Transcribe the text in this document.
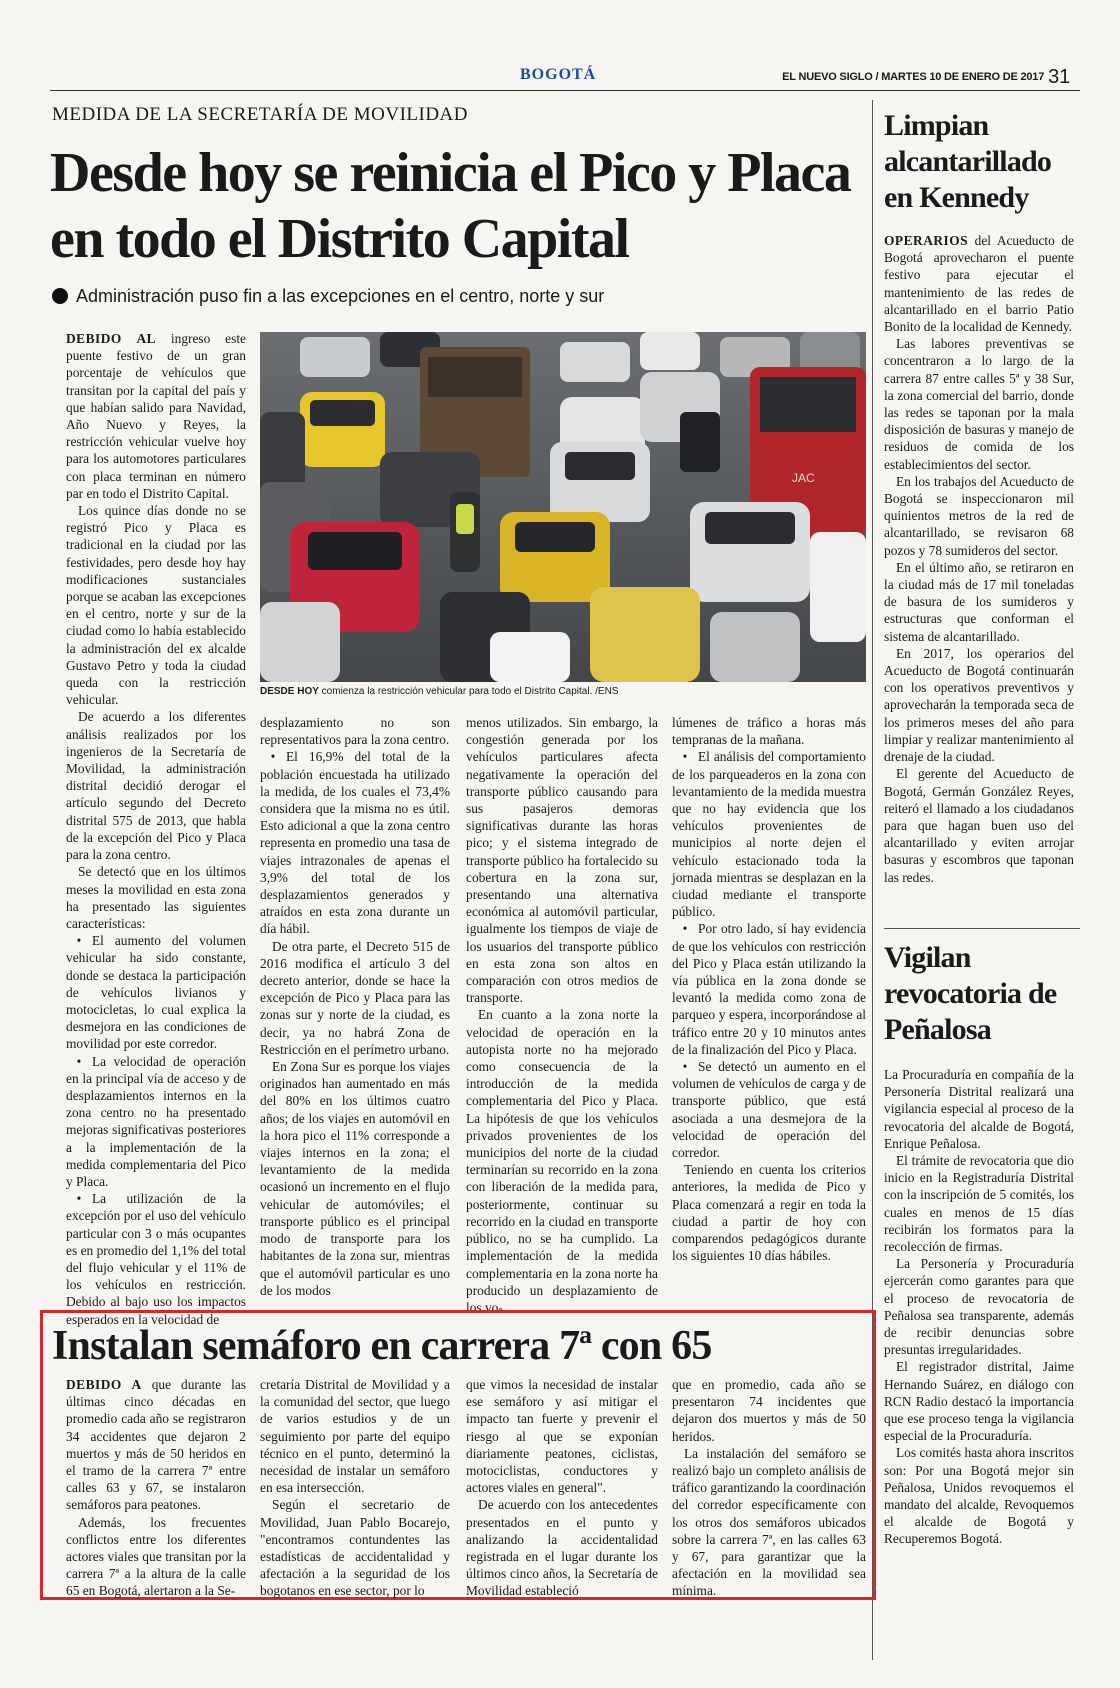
BOGOTÁ	EL NUEVO SIGLO / MARTES 10 DE ENERO DE 2017 31
MEDIDA DE LA SECRETARÍA DE MOVILIDAD
Desde hoy se reinicia el Pico y Placa en todo el Distrito Capital
Administración puso fin a las excepciones en el centro, norte y sur
JAC
DESDE HOY comienza la restricción vehicular para todo el Distrito Capital. /ENS

DEBIDO AL ingreso este puente festivo de un gran porcentaje de vehículos que transitan por la capital del país y que habían salido para Navidad, Año Nuevo y Reyes, la restricción vehicular vuelve hoy para los automotores particulares con placa terminan en número par en todo el Distrito Capital.

Los quince días donde no se registró Pico y Placa es tradicional en la ciudad por las festividades, pero desde hoy hay modificaciones sustanciales porque se acaban las excepciones en el centro, norte y sur de la ciudad como lo había establecido la administración del ex alcalde Gustavo Petro y toda la ciudad queda con la restricción vehicular.

De acuerdo a los diferentes análisis realizados por los ingenieros de la Secretaría de Movilidad, la administración distrital decidió derogar el artículo segundo del Decreto distrital 575 de 2013, que habla de la excepción del Pico y Placa para la zona centro.

Se detectó que en los últimos meses la movilidad en esta zona ha presentado las siguientes características:

• El aumento del volumen vehicular ha sido constante, donde se destaca la participación de vehículos livianos y motocicletas, lo cual explica la desmejora en las condiciones de movilidad por este corredor.

• La velocidad de operación en la principal vía de acceso y de desplazamientos internos en la zona centro no ha presentado mejoras significativas posteriores a la implementación de la medida complementaria del Pico y Placa.

• La utilización de la excepción por el uso del vehículo particular con 3 o más ocupantes es en promedio del 1,1% del total del flujo vehicular y el 11% de los vehículos en restricción. Debido al bajo uso los impactos esperados en la velocidad de

desplazamiento no son representativos para la zona centro.

• El 16,9% del total de la población encuestada ha utilizado la medida, de los cuales el 73,4% considera que la misma no es útil. Esto adicional a que la zona centro representa en promedio una tasa de viajes intrazonales de apenas el 3,9% del total de los desplazamientos generados y atraídos en esta zona durante un día hábil.

De otra parte, el Decreto 515 de 2016 modifica el artículo 3 del decreto anterior, donde se hace la excepción de Pico y Placa para las zonas sur y norte de la ciudad, es decir, ya no habrá Zona de Restricción en el perímetro urbano.

En Zona Sur es porque los viajes originados han aumentado en más del 80% en los últimos cuatro años; de los viajes en automóvil en la hora pico el 11% corresponde a viajes internos en la zona; el levantamiento de la medida ocasionó un incremento en el flujo vehicular de automóviles; el transporte público es el principal modo de transporte para los habitantes de la zona sur, mientras que el automóvil particular es uno de los modos

menos utilizados. Sin embargo, la congestión generada por los vehículos particulares afecta negativamente la operación del transporte público causando para sus pasajeros demoras significativas durante las horas pico; y el sistema integrado de transporte público ha fortalecido su cobertura en la zona sur, presentando una alternativa económica al automóvil particular, igualmente los tiempos de viaje de los usuarios del transporte público en esta zona son altos en comparación con otros medios de transporte.

En cuanto a la zona norte la velocidad de operación en la autopista norte no ha mejorado como consecuencia de la introducción de la medida complementaria del Pico y Placa. La hipótesis de que los vehículos privados provenientes de los municipios del norte de la ciudad terminarían su recorrido en la zona con liberación de la medida para, posteriormente, continuar su recorrido en la ciudad en transporte público, no se ha cumplido. La implementación de la medida complementaria en la zona norte ha producido un desplazamiento de los vo-

lúmenes de tráfico a horas más tempranas de la mañana.

• El análisis del comportamiento de los parqueaderos en la zona con levantamiento de la medida muestra que no hay evidencia que los vehículos provenientes de municipios al norte dejen el vehículo estacionado toda la jornada mientras se desplazan en la ciudad mediante el transporte público.

• Por otro lado, sí hay evidencia de que los vehículos con restricción del Pico y Placa están utilizando la vía pública en la zona donde se levantó la medida como zona de parqueo y espera, incorporándose al tráfico entre 20 y 10 minutos antes de la finalización del Pico y Placa.

• Se detectó un aumento en el volumen de vehículos de carga y de transporte público, que está asociada a una desmejora de la velocidad de operación del corredor.

Teniendo en cuenta los criterios anteriores, la medida de Pico y Placa comenzará a regir en toda la ciudad a partir de hoy con comparendos pedagógicos durante los siguientes 10 días hábiles.

Instalan semáforo en carrera 7ª con 65

DEBIDO A que durante las últimas cinco décadas en promedio cada año se registraron 34 accidentes que dejaron 2 muertos y más de 50 heridos en el tramo de la carrera 7ª entre calles 63 y 67, se instalaron semáforos para peatones.

Además, los frecuentes conflictos entre los diferentes actores viales que transitan por la carrera 7ª a la altura de la calle 65 en Bogotá, alertaron a la Se-

cretaría Distrital de Movilidad y a la comunidad del sector, que luego de varios estudios y de un seguimiento por parte del equipo técnico en el punto, determinó la necesidad de instalar un semáforo en esa intersección.

Según el secretario de Movilidad, Juan Pablo Bocarejo, "encontramos contundentes las estadísticas de accidentalidad y afectación a la seguridad de los bogotanos en ese sector, por lo

que vimos la necesidad de instalar ese semáforo y así mitigar el impacto tan fuerte y prevenir el riesgo al que se exponían diariamente peatones, ciclistas, motociclistas, conductores y actores viales en general".

De acuerdo con los antecedentes presentados en el punto y analizando la accidentalidad registrada en el lugar durante los últimos cinco años, la Secretaría de Movilidad estableció

que en promedio, cada año se presentaron 74 incidentes que dejaron dos muertos y más de 50 heridos.

La instalación del semáforo se realizó bajo un completo análisis de tráfico garantizando la coordinación del corredor específicamente con los otros dos semáforos ubicados sobre la carrera 7ª, en las calles 63 y 67, para garantizar que la afectación en la movilidad sea mínima.

Limpian alcantarillado en Kennedy

OPERARIOS del Acueducto de Bogotá aprovecharon el puente festivo para ejecutar el mantenimiento de las redes de alcantarillado en el barrio Patio Bonito de la localidad de Kennedy.

Las labores preventivas se concentraron a lo largo de la carrera 87 entre calles 5ª y 38 Sur, la zona comercial del barrio, donde las redes se taponan por la mala disposición de basuras y manejo de residuos de comida de los establecimientos del sector.

En los trabajos del Acueducto de Bogotá se inspeccionaron mil quinientos metros de la red de alcantarillado, se revisaron 68 pozos y 78 sumideros del sector.

En el último año, se retiraron en la ciudad más de 17 mil toneladas de basura de los sumideros y estructuras que conforman el sistema de alcantarillado.

En 2017, los operarios del Acueducto de Bogotá continuarán con los operativos preventivos y aprovecharán la temporada seca de los primeros meses del año para limpiar y realizar mantenimiento al drenaje de la ciudad.

El gerente del Acueducto de Bogotá, Germán González Reyes, reiteró el llamado a los ciudadanos para que hagan buen uso del alcantarillado y eviten arrojar basuras y escombros que taponan las redes.

Vigilan revocatoria de Peñalosa

La Procuraduría en compañía de la Personería Distrital realizará una vigilancia especial al proceso de la revocatoria del alcalde de Bogotá, Enrique Peñalosa.

El trámite de revocatoria que dio inicio en la Registraduría Distrital con la inscripción de 5 comités, los cuales en menos de 15 días recibirán los formatos para la recolección de firmas.

La Personería y Procuraduría ejercerán como garantes para que el proceso de revocatoria de Peñalosa sea transparente, además de recibir denuncias sobre presuntas irregularidades.

El registrador distrital, Jaime Hernando Suárez, en diálogo con RCN Radio destacó la importancia que ese proceso tenga la vigilancia especial de la Procuraduría.

Los comités hasta ahora inscritos son: Por una Bogotá mejor sin Peñalosa, Unidos revoquemos el mandato del alcalde, Revoquemos el alcalde de Bogotá y Recuperemos Bogotá.
